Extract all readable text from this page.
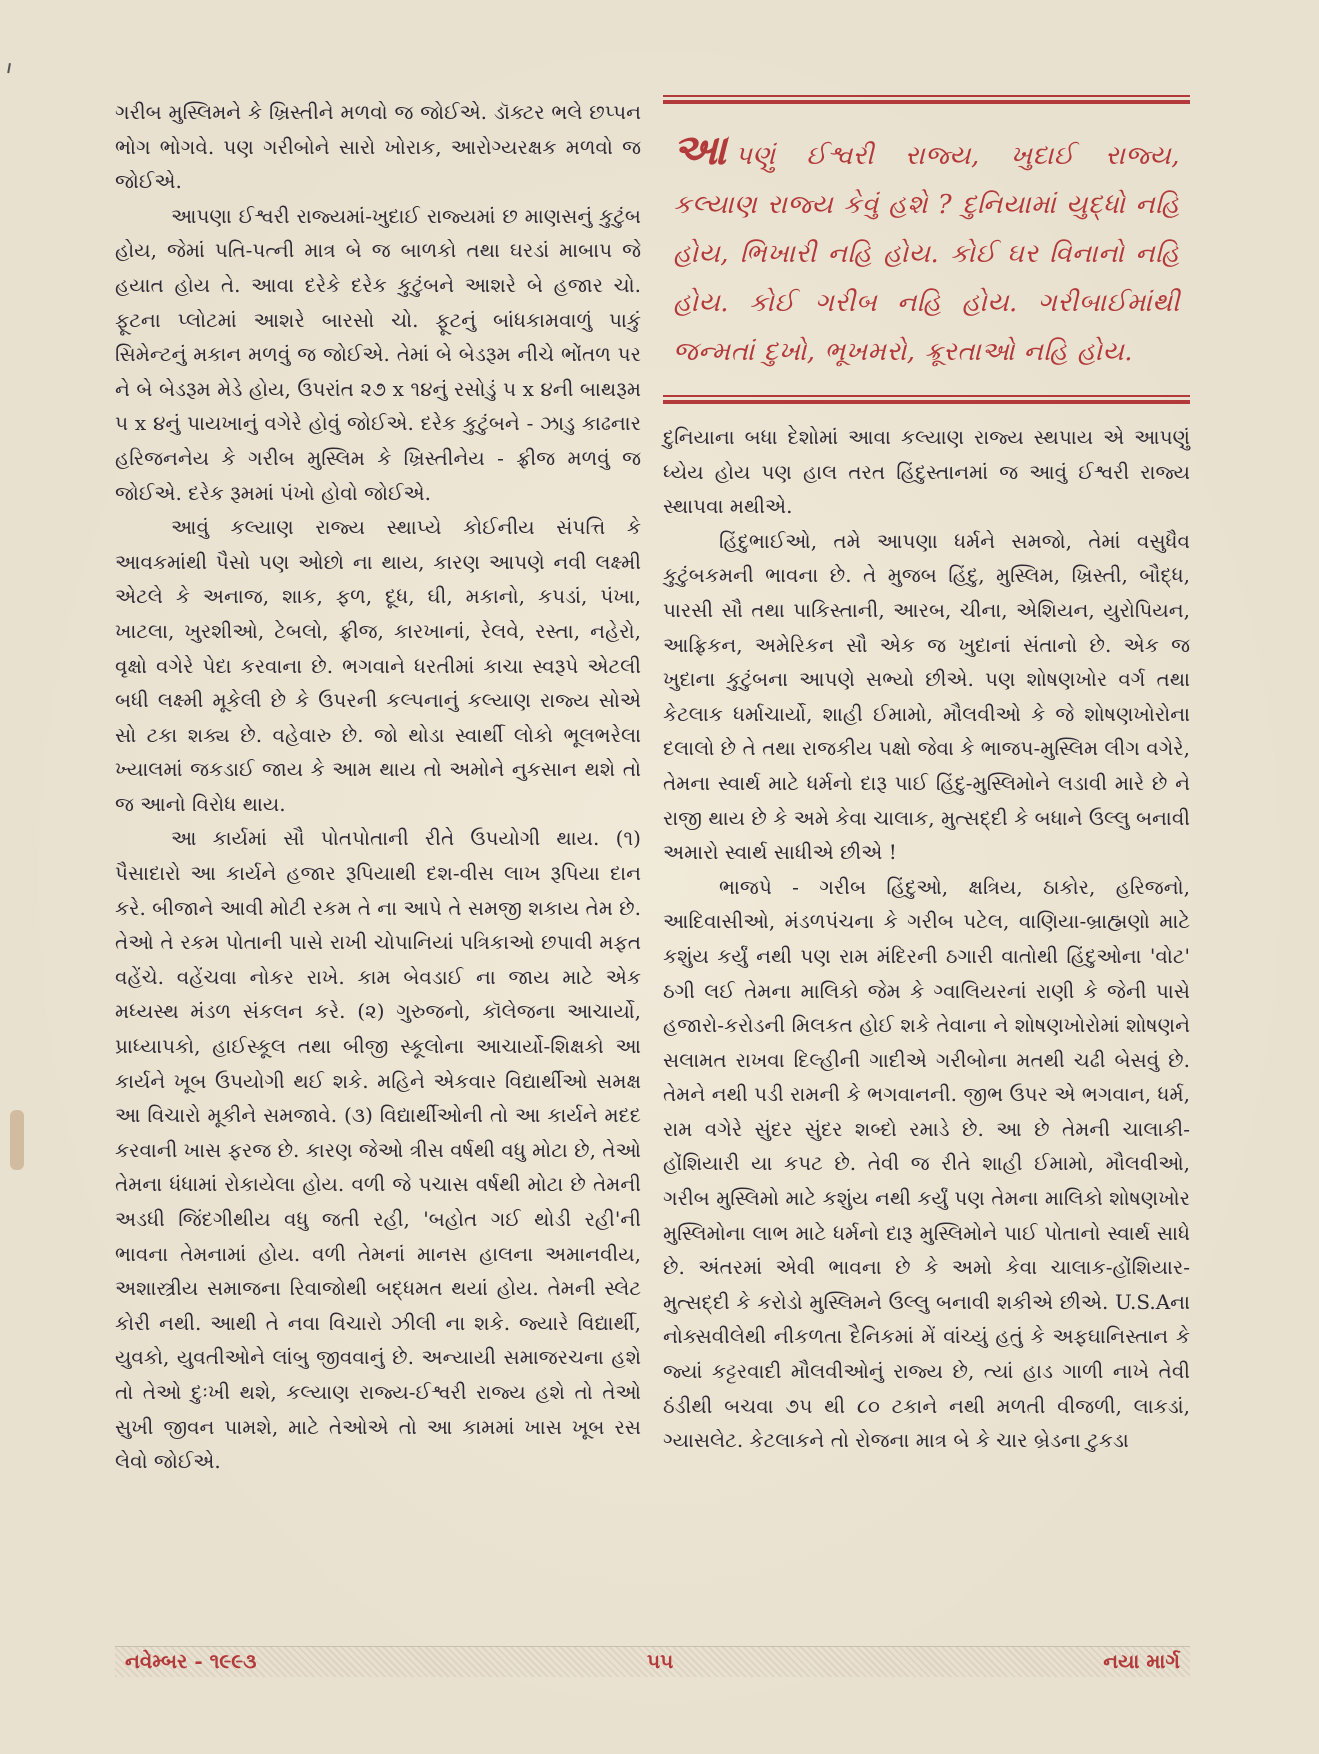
ગરીબ મુસ્લિમને કે ખ્રિસ્તીને મળવો જ જોઈએ. ડૉક્ટર ભલે છપ્પન ભોગ ભોગવે. પણ ગરીબોને સારો ખોરાક, આરોગ્યરક્ષક મળવો જ જોઈએ.

આપણા ઈશ્વરી રાજ્યમાં-ખુદાઈ રાજ્યમાં છ માણસનું કુટુંબ હોય, જેમાં પતિ-પત્ની માત્ર બે જ બાળકો તથા ઘરડાં માબાપ જે હયાત હોય તે. આવા દરેકે દરેક કુટુંબને આશરે બે હજાર ચો. ફૂટના પ્લોટમાં આશરે બારસો ચો. ફૂટનું બાંધકામવાળું પાકું સિમેન્ટનું મકાન મળવું જ જોઈએ. તેમાં બે બેડરૂમ નીચે ભોંતળ પર ને બે બેડરૂમ મેડે હોય, ઉપરાંત ૨૭ x ૧૪નું રસોડું ૫ x ૪ની બાથરૂમ ૫ x ૪નું પાયખાનું વગેરે હોવું જોઈએ. દરેક કુટુંબને - ઝાડુ કાઢનાર હરિજનનેય કે ગરીબ મુસ્લિમ કે ખ્રિસ્તીનેય - ફ્રીજ મળવું જ જોઈએ. દરેક રૂમમાં પંખો હોવો જોઈએ.

આવું કલ્યાણ રાજ્ય સ્થાપ્યે કોઈનીય સંપત્તિ કે આવકમાંથી પૈસો પણ ઓછો ના થાય, કારણ આપણે નવી લક્ષ્મી એટલે કે અનાજ, શાક, ફળ, દૂધ, ઘી, મકાનો, કપડાં, પંખા, ખાટલા, ખુરશીઓ, ટેબલો, ફ્રીજ, કારખાનાં, રેલવે, રસ્તા, નહેરો, વૃક્ષો વગેરે પેદા કરવાના છે. ભગવાને ધરતીમાં કાચા સ્વરૂપે એટલી બધી લક્ષ્મી મૂકેલી છે કે ઉપરની કલ્પનાનું કલ્યાણ રાજ્ય સોએ સો ટકા શક્ય છે. વહેવારુ છે. જો થોડા સ્વાર્થી લોકો ભૂલભરેલા ખ્યાલમાં જકડાઈ જાય કે આમ થાય તો અમોને નુકસાન થશે તો જ આનો વિરોધ થાય.

આ કાર્યમાં સૌ પોતપોતાની રીતે ઉપયોગી થાય. (૧) પૈસાદારો આ કાર્યને હજાર રૂપિયાથી દશ-વીસ લાખ રૂપિયા દાન કરે. બીજાને આવી મોટી રકમ તે ના આપે તે સમજી શકાય તેમ છે. તેઓ તે રકમ પોતાની પાસે રાખી ચોપાનિયાં પત્રિકાઓ છપાવી મફત વહેંચે. વહેંચવા નોકર રાખે. કામ બેવડાઈ ના જાય માટે એક મધ્યસ્થ મંડળ સંકલન કરે. (૨) ગુરુજનો, કૉલેજના આચાર્યો, પ્રાધ્યાપકો, હાઈસ્કૂલ તથા બીજી સ્કૂલોના આચાર્યો-શિક્ષકો આ કાર્યને ખૂબ ઉપયોગી થઈ શકે. મહિને એકવાર વિદ્યાર્થીઓ સમક્ષ આ વિચારો મૂકીને સમજાવે. (૩) વિદ્યાર્થીઓની તો આ કાર્યને મદદ કરવાની ખાસ ફરજ છે. કારણ જેઓ ત્રીસ વર્ષથી વધુ મોટા છે, તેઓ તેમના ધંધામાં રોકાયેલા હોય. વળી જે પચાસ વર્ષથી મોટા છે તેમની અડધી જિંદગીથીય વધુ જતી રહી, 'બહોત ગઈ થોડી રહી'ની ભાવના તેમનામાં હોય. વળી તેમનાં માનસ હાલના અમાનવીય, અશાસ્ત્રીય સમાજના રિવાજોથી બદ્ધમત થયાં હોય. તેમની સ્લેટ કોરી નથી. આથી તે નવા વિચારો ઝીલી ના શકે. જ્યારે વિદ્યાર્થી, યુવકો, યુવતીઓને લાંબુ જીવવાનું છે. અન્યાયી સમાજરચના હશે તો તેઓ દુઃખી થશે, કલ્યાણ રાજ્ય-ઈશ્વરી રાજ્ય હશે તો તેઓ સુખી જીવન પામશે, માટે તેઓએ તો આ કામમાં ખાસ ખૂબ રસ લેવો જોઈએ.

આપણું ઈશ્વરી રાજ્ય, ખુદાઈ રાજ્ય, કલ્યાણ રાજ્ય કેવું હશે ? દુનિયામાં યુદ્ધો નહિ હોય, ભિખારી નહિ હોય. કોઈ ઘર વિનાનો નહિ હોય. કોઈ ગરીબ નહિ હોય. ગરીબાઈમાંથી જન્મતાં દુખો, ભૂખમરો, ક્રૂરતાઓ નહિ હોય.

દુનિયાના બધા દેશોમાં આવા કલ્યાણ રાજ્ય સ્થપાય એ આપણું ધ્યેય હોય પણ હાલ તરત હિંદુસ્તાનમાં જ આવું ઈશ્વરી રાજ્ય સ્થાપવા મથીએ.

હિંદુભાઈઓ, તમે આપણા ધર્મને સમજો, તેમાં વસુધૈવ કુટુંબકમની ભાવના છે. તે મુજબ હિંદુ, મુસ્લિમ, ખ્રિસ્તી, બૌદ્ધ, પારસી સૌ તથા પાકિસ્તાની, આરબ, ચીના, એશિયન, યુરોપિયન, આફ્રિકન, અમેરિકન સૌ એક જ ખુદાનાં સંતાનો છે. એક જ ખુદાના કુટુંબના આપણે સભ્યો છીએ. પણ શોષણખોર વર્ગ તથા કેટલાક ધર્માચાર્યો, શાહી ઈમામો, મૌલવીઓ કે જે શોષણખોરોના દલાલો છે તે તથા રાજકીય પક્ષો જેવા કે ભાજપ-મુસ્લિમ લીગ વગેરે, તેમના સ્વાર્થ માટે ધર્મનો દારૂ પાઈ હિંદુ-મુસ્લિમોને લડાવી મારે છે ને રાજી થાય છે કે અમે કેવા ચાલાક, મુત્સદ્દી કે બધાને ઉલ્લુ બનાવી અમારો સ્વાર્થ સાધીએ છીએ !

ભાજપે - ગરીબ હિંદુઓ, ક્ષત્રિય, ઠાકોર, હરિજનો, આદિવાસીઓ, મંડળપંચના કે ગરીબ પટેલ, વાણિયા-બ્રાહ્મણો માટે કશુંય કર્યું નથી પણ રામ મંદિરની ઠગારી વાતોથી હિંદુઓના 'વોટ' ઠગી લઈ તેમના માલિકો જેમ કે ગ્વાલિયરનાં રાણી કે જેની પાસે હજારો-કરોડની મિલકત હોઈ શકે તેવાના ને શોષણખોરોમાં શોષણને સલામત રાખવા દિલ્હીની ગાદીએ ગરીબોના મતથી ચઢી બેસવું છે. તેમને નથી પડી રામની કે ભગવાનની. જીભ ઉપર એ ભગવાન, ધર્મ, રામ વગેરે સુંદર સુંદર શબ્દો રમાડે છે. આ છે તેમની ચાલાકી-હોંશિયારી યા કપટ છે. તેવી જ રીતે શાહી ઈમામો, મૌલવીઓ, ગરીબ મુસ્લિમો માટે કશુંય નથી કર્યું પણ તેમના માલિકો શોષણખોર મુસ્લિમોના લાભ માટે ધર્મનો દારૂ મુસ્લિમોને પાઈ પોતાનો સ્વાર્થ સાધે છે. અંતરમાં એવી ભાવના છે કે અમો કેવા ચાલાક-હોંશિયાર-મુત્સદ્દી કે કરોડો મુસ્લિમને ઉલ્લુ બનાવી શકીએ છીએ. U.S.Aના નોક્સવીલેથી નીકળતા દૈનિકમાં મેં વાંચ્યું હતું કે અફઘાનિસ્તાન કે જ્યાં કટ્ટરવાદી મૌલવીઓનું રાજ્ય છે, ત્યાં હાડ ગાળી નાખે તેવી ઠંડીથી બચવા ૭૫ થી ૮૦ ટકાને નથી મળતી વીજળી, લાકડાં, ગ્યાસલેટ. કેટલાકને તો રોજના માત્ર બે કે ચાર બ્રેડના ટુકડા

નવેમ્બર - ૧૯૯૩	૫૫	નયા માર્ગ
